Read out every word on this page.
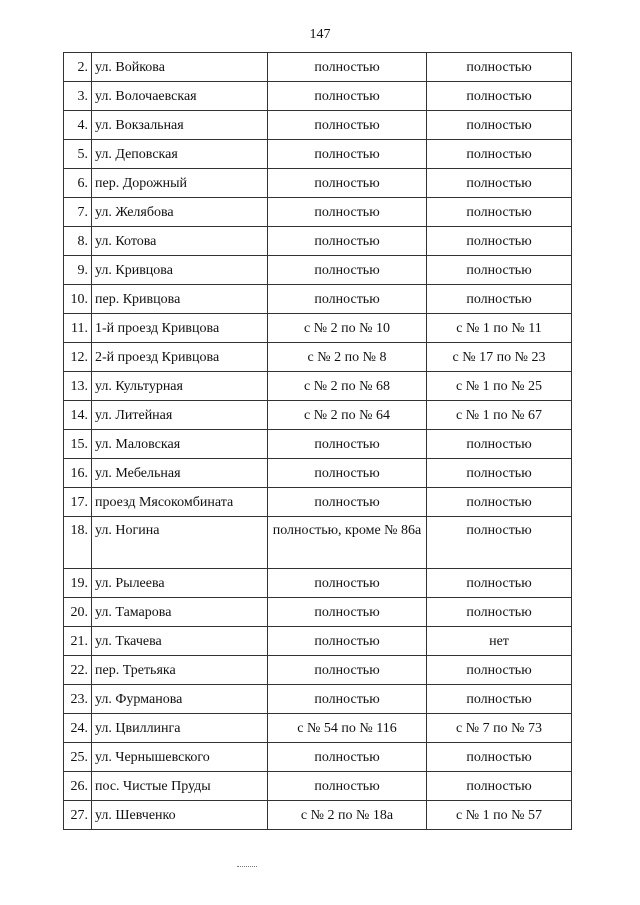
147
2.	ул. Войкова	полностью	полностью
3.	ул. Волочаевская	полностью	полностью
4.	ул. Вокзальная	полностью	полностью
5.	ул. Деповская	полностью	полностью
6.	пер. Дорожный	полностью	полностью
7.	ул. Желябова	полностью	полностью
8.	ул. Котова	полностью	полностью
9.	ул. Кривцова	полностью	полностью
10.	пер. Кривцова	полностью	полностью
11.	1-й проезд Кривцова	с № 2 по № 10	с № 1 по № 11
12.	2-й проезд Кривцова	с № 2 по № 8	с № 17 по № 23
13.	ул. Культурная	с № 2 по № 68	с № 1 по № 25
14.	ул. Литейная	с № 2 по № 64	с № 1 по № 67
15.	ул. Маловская	полностью	полностью
16.	ул. Мебельная	полностью	полностью
17.	проезд Мясокомбината	полностью	полностью
18.	ул. Ногина	полностью, кроме № 86а	полностью
19.	ул. Рылеева	полностью	полностью
20.	ул. Тамарова	полностью	полностью
21.	ул. Ткачева	полностью	нет
22.	пер. Третьяка	полностью	полностью
23.	ул. Фурманова	полностью	полностью
24.	ул. Цвиллинга	с № 54 по № 116	с № 7 по № 73
25.	ул. Чернышевского	полностью	полностью
26.	пос. Чистые Пруды	полностью	полностью
27.	ул. Шевченко	с № 2 по № 18а	с № 1 по № 57
